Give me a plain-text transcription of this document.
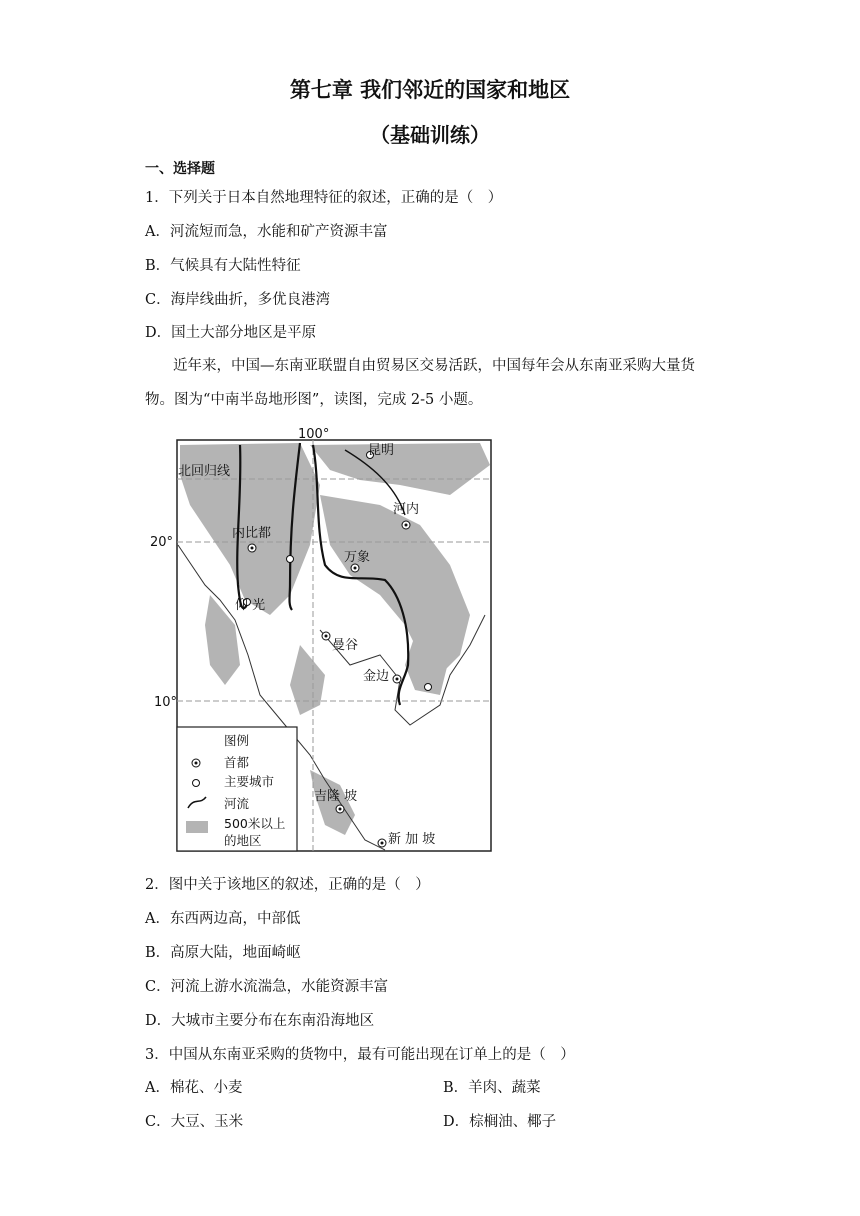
第七章 我们邻近的国家和地区
（基础训练）
一、选择题
1．下列关于日本自然地理特征的叙述，正确的是（　）
A．河流短而急，水能和矿产资源丰富
B．气候具有大陆性特征
C．海岸线曲折，多优良港湾
D．国土大部分地区是平原
近年来，中国—东南亚联盟自由贸易区交易活跃，中国每年会从东南亚采购大量货
物。图为“中南半岛地形图”，读图，完成 2-5 小题。
100°
20°
10°
北回归线
昆明
河内
内比都
万象
仰 光
曼谷
金边
吉隆 坡
新 加 坡
图例
首都
主要城市
河流
500米以上
的地区
2．图中关于该地区的叙述，正确的是（　）
A．东西两边高，中部低
B．高原大陆，地面崎岖
C．河流上游水流湍急，水能资源丰富
D．大城市主要分布在东南沿海地区
3．中国从东南亚采购的货物中，最有可能出现在订单上的是（　）
A．棉花、小麦	B．羊肉、蔬菜
C．大豆、玉米	D．棕榈油、椰子
